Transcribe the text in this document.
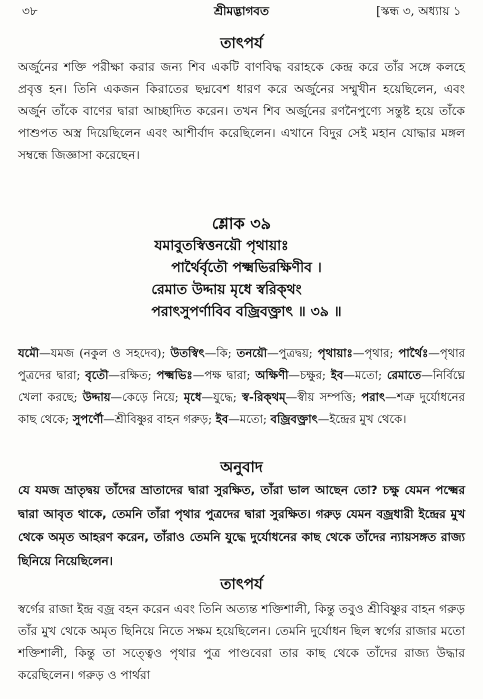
৩৮	শ্রীমদ্ভাগবত	[স্কন্ধ ৩, অধ্যায় ১
তাৎপর্য
অর্জুনের শক্তি পরীক্ষা করার জন্য শিব একটি বাণবিদ্ধ বরাহকে কেন্দ্র করে তাঁর সঙ্গে কলহে প্রবৃত্ত হন। তিনি একজন কিরাতের ছদ্মবেশ ধারণ করে অর্জুনের সম্মুখীন হয়েছিলেন, এবং অর্জুন তাঁকে বাণের দ্বারা আচ্ছাদিত করেন। তখন শিব অর্জুনের রণনৈপুণ্যে সন্তুষ্ট হয়ে তাঁকে পাশুপত অস্ত্র দিয়েছিলেন এবং আশীর্বাদ করেছিলেন। এখানে বিদুর সেই মহান যোদ্ধার মঙ্গল সম্বন্ধে জিজ্ঞাসা করেছেন।
শ্লোক ৩৯
যমাবুতস্বিত্তনয়ৌ পৃথায়াঃ
পার্থৈর্বৃতৌ পক্ষ্মভিরক্ষিণীব ।
রেমাত উদ্দায় মৃধে স্বরিক্থং
পরাৎসুপর্ণাবিব বজ্রিবক্ত্রাৎ ॥ ৩৯ ॥
যমৌ—যমজ (নকুল ও সহদেব); উতস্বিৎ—কি; তনয়ৌ—পুত্রদ্বয়; পৃথায়াঃ—পৃথার; পার্থৈঃ—পৃথার পুত্রদের দ্বারা; বৃতৌ—রক্ষিত; পক্ষ্মভিঃ—পক্ষ দ্বারা; অক্ষিণী—চক্ষুর; ইব—মতো; রেমাতে—নির্বিঘ্নে খেলা করছে; উদ্দায়—কেড়ে নিয়ে; মৃধে—যুদ্ধে; স্ব-রিক্থম্—স্বীয় সম্পত্তি; পরাৎ—শত্রু দুর্যোধনের কাছ থেকে; সুপর্ণৌ—শ্রীবিষ্ণুর বাহন গরুড়; ইব—মতো; বজ্রিবক্ত্রাৎ—ইন্দ্রের মুখ থেকে।
অনুবাদ
যে যমজ ভ্রাতৃদ্বয় তাঁদের ভ্রাতাদের দ্বারা সুরক্ষিত, তাঁরা ভাল আছেন তো? চক্ষু যেমন পক্ষ্মের দ্বারা আবৃত থাকে, তেমনি তাঁরা পৃথার পুত্রদের দ্বারা সুরক্ষিত। গরুড় যেমন বজ্রধারী ইন্দ্রের মুখ থেকে অমৃত আহরণ করেন, তাঁরাও তেমনি যুদ্ধে দুর্যোধনের কাছ থেকে তাঁদের ন্যায়সঙ্গত রাজ্য ছিনিয়ে নিয়েছিলেন।
তাৎপর্য
স্বর্গের রাজা ইন্দ্র বজ্র বহন করেন এবং তিনি অত্যন্ত শক্তিশালী, কিন্তু তবুও শ্রীবিষ্ণুর বাহন গরুড় তাঁর মুখ থেকে অমৃত ছিনিয়ে নিতে সক্ষম হয়েছিলেন। তেমনি দুর্যোধন ছিল স্বর্গের রাজার মতো শক্তিশালী, কিন্তু তা সত্ত্বেও পৃথার পুত্র পাণ্ডবেরা তার কাছ থেকে তাঁদের রাজ্য উদ্ধার করেছিলেন। গরুড় ও পার্থরা
